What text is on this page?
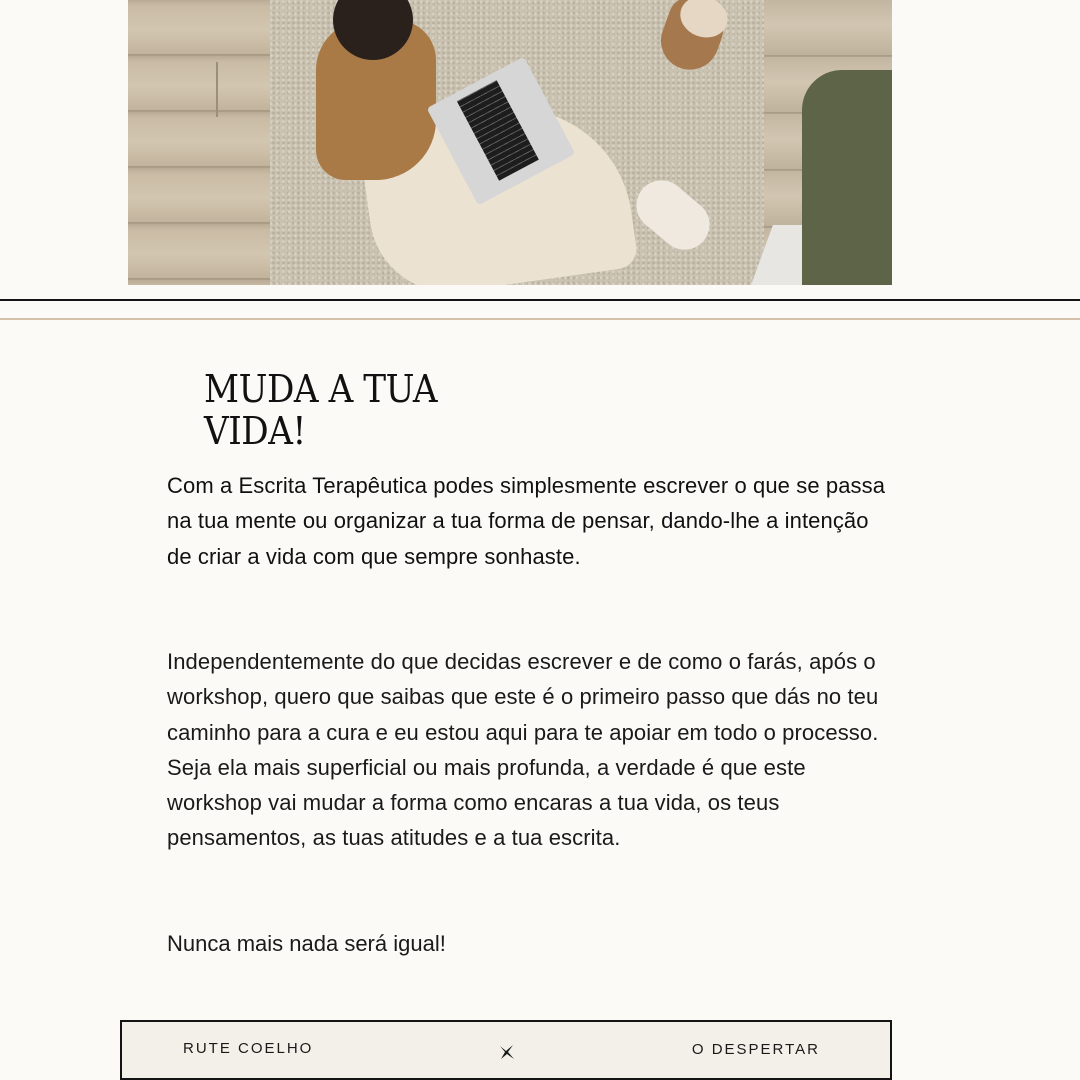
MUDA A TUA
VIDA!

Com a Escrita Terapêutica podes simplesmente escrever o que se passa na tua mente ou organizar a tua forma de pensar, dando-lhe a intenção de criar a vida com que sempre sonhaste.

Independentemente do que decidas escrever e de como o farás, após o workshop, quero que saibas que este é o primeiro passo que dás no teu caminho para a cura e eu estou aqui para te apoiar em todo o processo. Seja ela mais superficial ou mais profunda, a verdade é que este workshop vai mudar a forma como encaras a tua vida, os teus pensamentos, as tuas atitudes e a tua escrita.

Nunca mais nada será igual!

RUTE COELHO	O DESPERTAR
